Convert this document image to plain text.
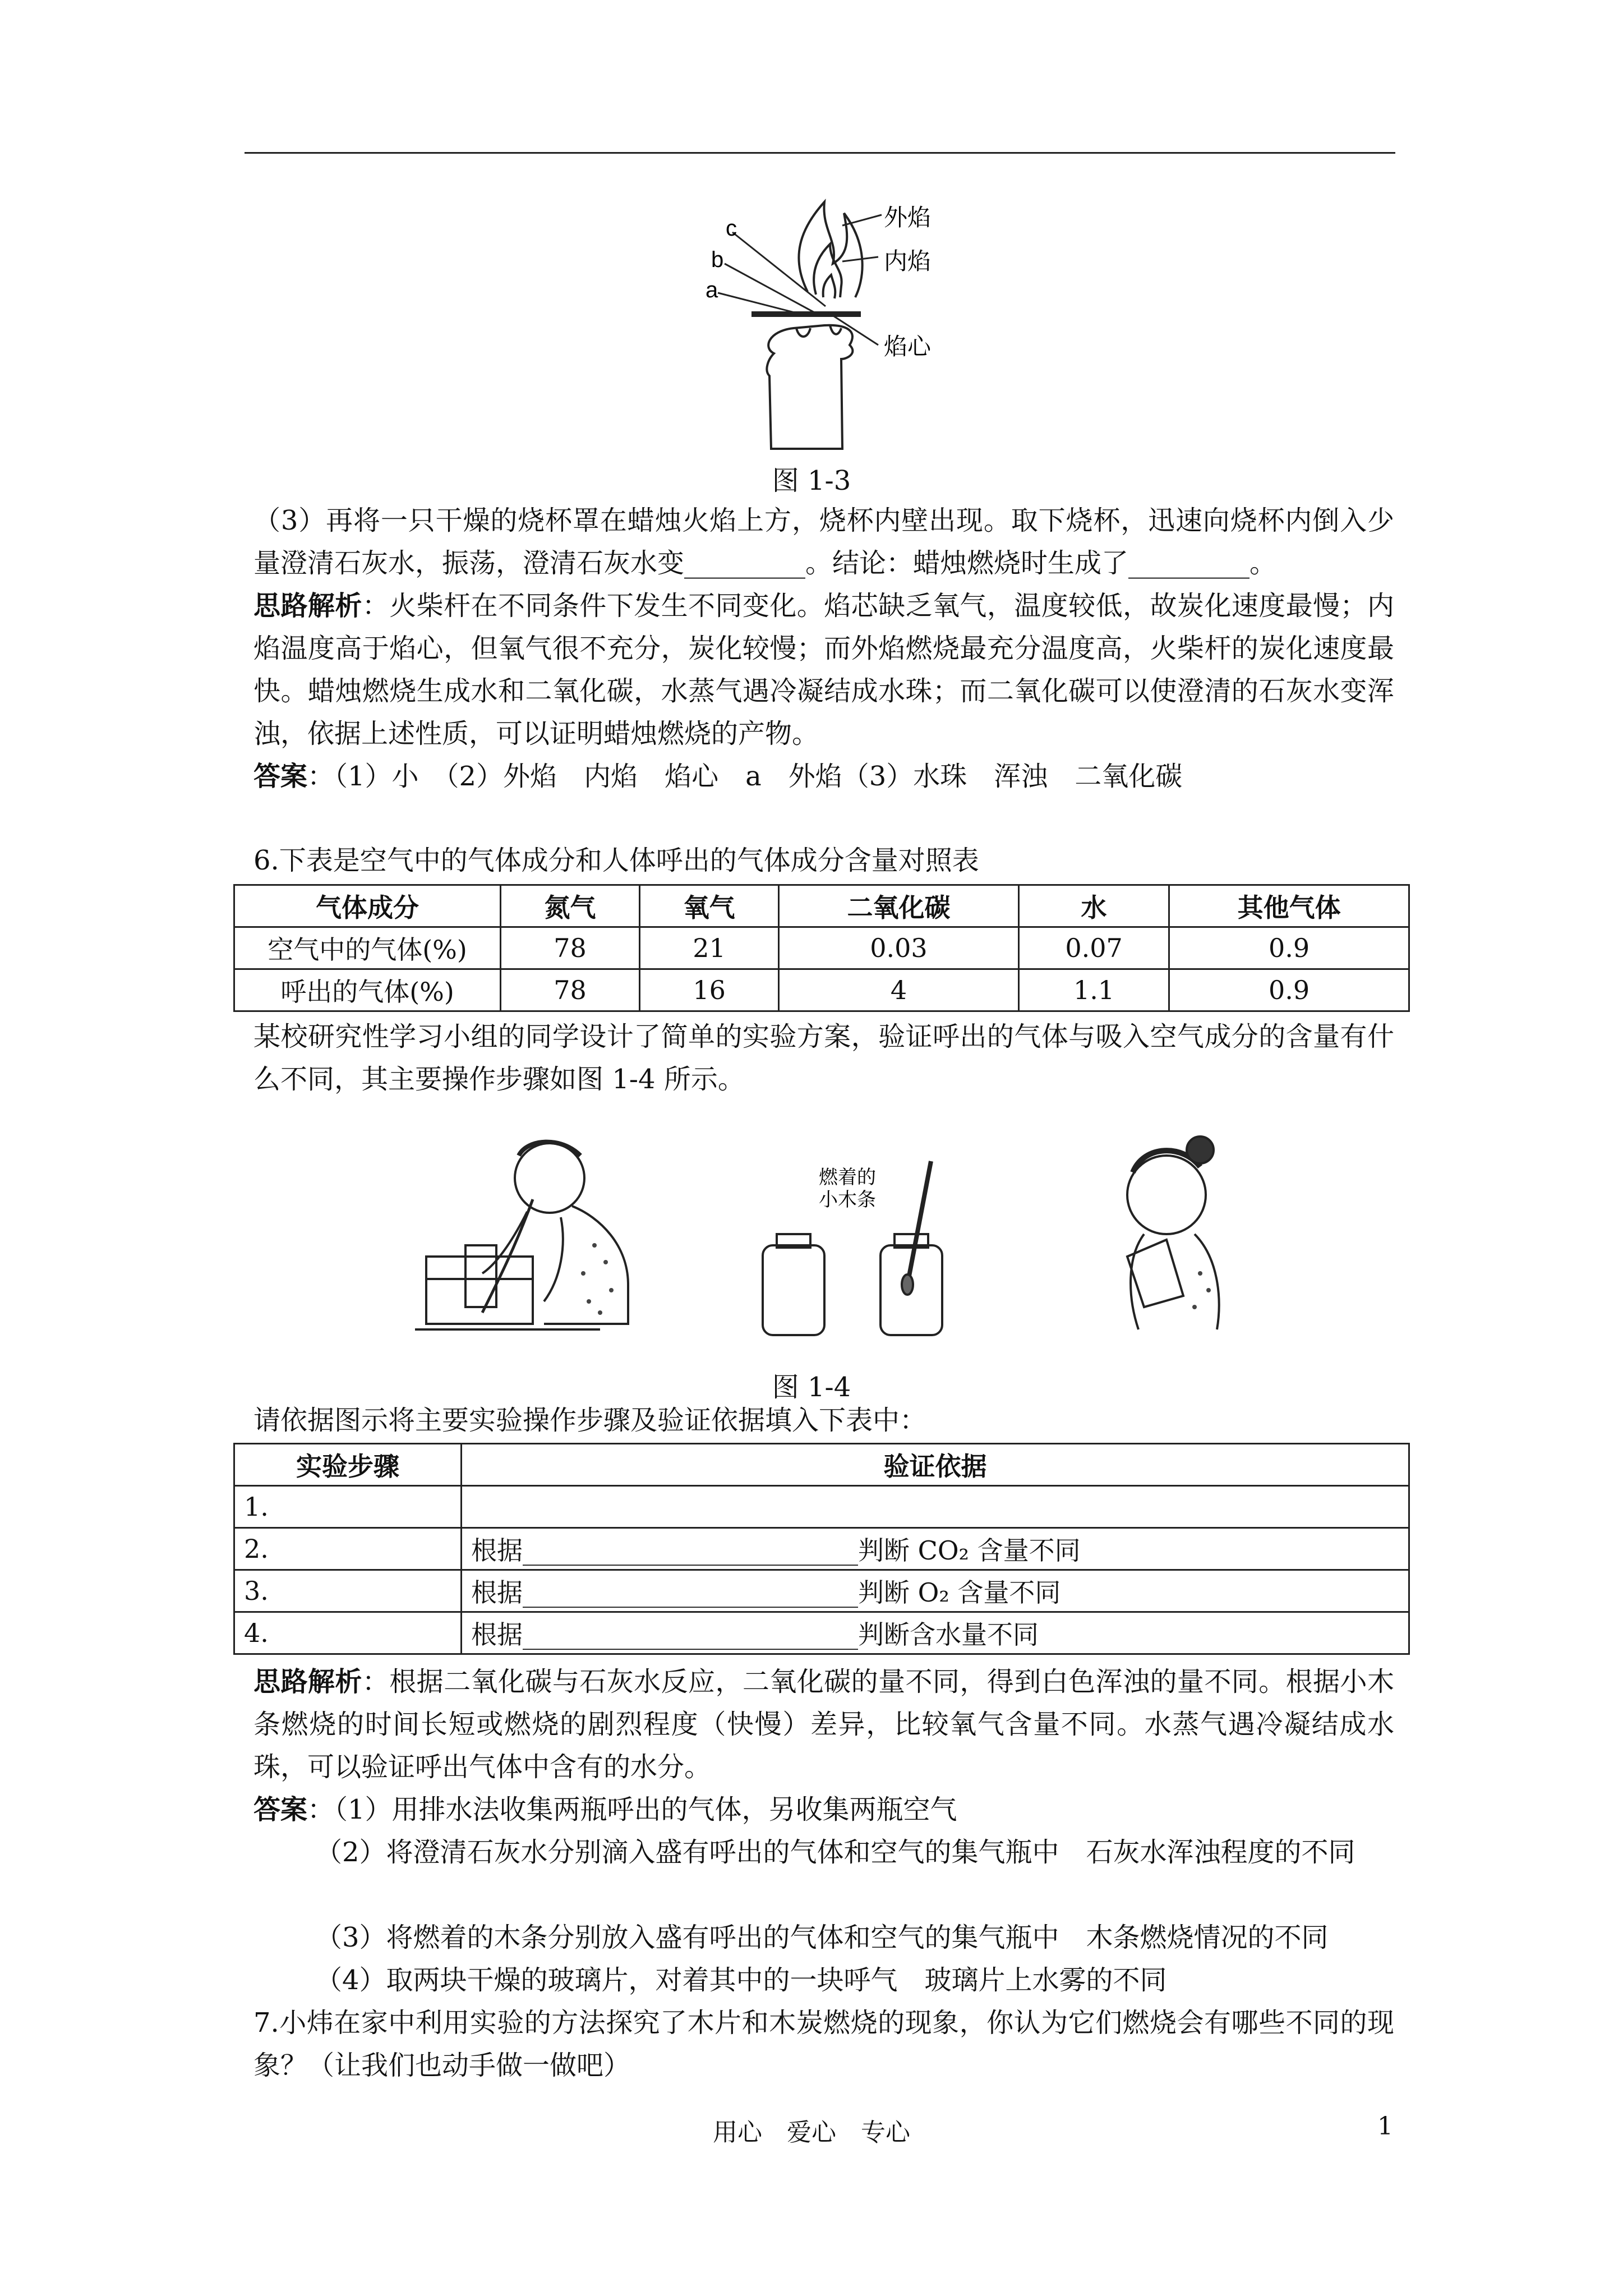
c
b
a
外焰
内焰
焰心
图 1-3

（3）再将一只干燥的烧杯罩在蜡烛火焰上方，烧杯内壁出现。取下烧杯，迅速向烧杯内倒入少量澄清石灰水，振荡，澄清石灰水变_________。结论：蜡烛燃烧时生成了_________。

思路解析：火柴杆在不同条件下发生不同变化。焰芯缺乏氧气，温度较低，故炭化速度最慢；内焰温度高于焰心，但氧气很不充分，炭化较慢；而外焰燃烧最充分温度高，火柴杆的炭化速度最快。蜡烛燃烧生成水和二氧化碳，水蒸气遇冷凝结成水珠；而二氧化碳可以使澄清的石灰水变浑浊，依据上述性质，可以证明蜡烛燃烧的产物。

答案：（1）小　（2）外焰　内焰　焰心　a　外焰（3）水珠　浑浊　二氧化碳

6.下表是空气中的气体成分和人体呼出的气体成分含量对照表

气体成分	氮气	氧气	二氧化碳	水	其他气体
空气中的气体(%)	78	21	0.03	0.07	0.9
呼出的气体(%)	78	16	4	1.1	0.9

某校研究性学习小组的同学设计了简单的实验方案，验证呼出的气体与吸入空气成分的含量有什么不同，其主要操作步骤如图 1-4 所示。

燃着的
小木条
图 1-4

请依据图示将主要实验操作步骤及验证依据填入下表中：

实验步骤	验证依据
1.	
2.	根据__________________________判断 CO₂ 含量不同
3.	根据__________________________判断 O₂ 含量不同
4.	根据__________________________判断含水量不同

思路解析：根据二氧化碳与石灰水反应，二氧化碳的量不同，得到白色浑浊的量不同。根据小木条燃烧的时间长短或燃烧的剧烈程度（快慢）差异，比较氧气含量不同。水蒸气遇冷凝结成水珠，可以验证呼出气体中含有的水分。

答案：（1）用排水法收集两瓶呼出的气体，另收集两瓶空气

（2）将澄清石灰水分别滴入盛有呼出的气体和空气的集气瓶中　石灰水浑浊程度的不同

（3）将燃着的木条分别放入盛有呼出的气体和空气的集气瓶中　木条燃烧情况的不同

（4）取两块干燥的玻璃片，对着其中的一块呼气　玻璃片上水雾的不同

7.小炜在家中利用实验的方法探究了木片和木炭燃烧的现象，你认为它们燃烧会有哪些不同的现象？（让我们也动手做一做吧）

用心　爱心　专心	1
